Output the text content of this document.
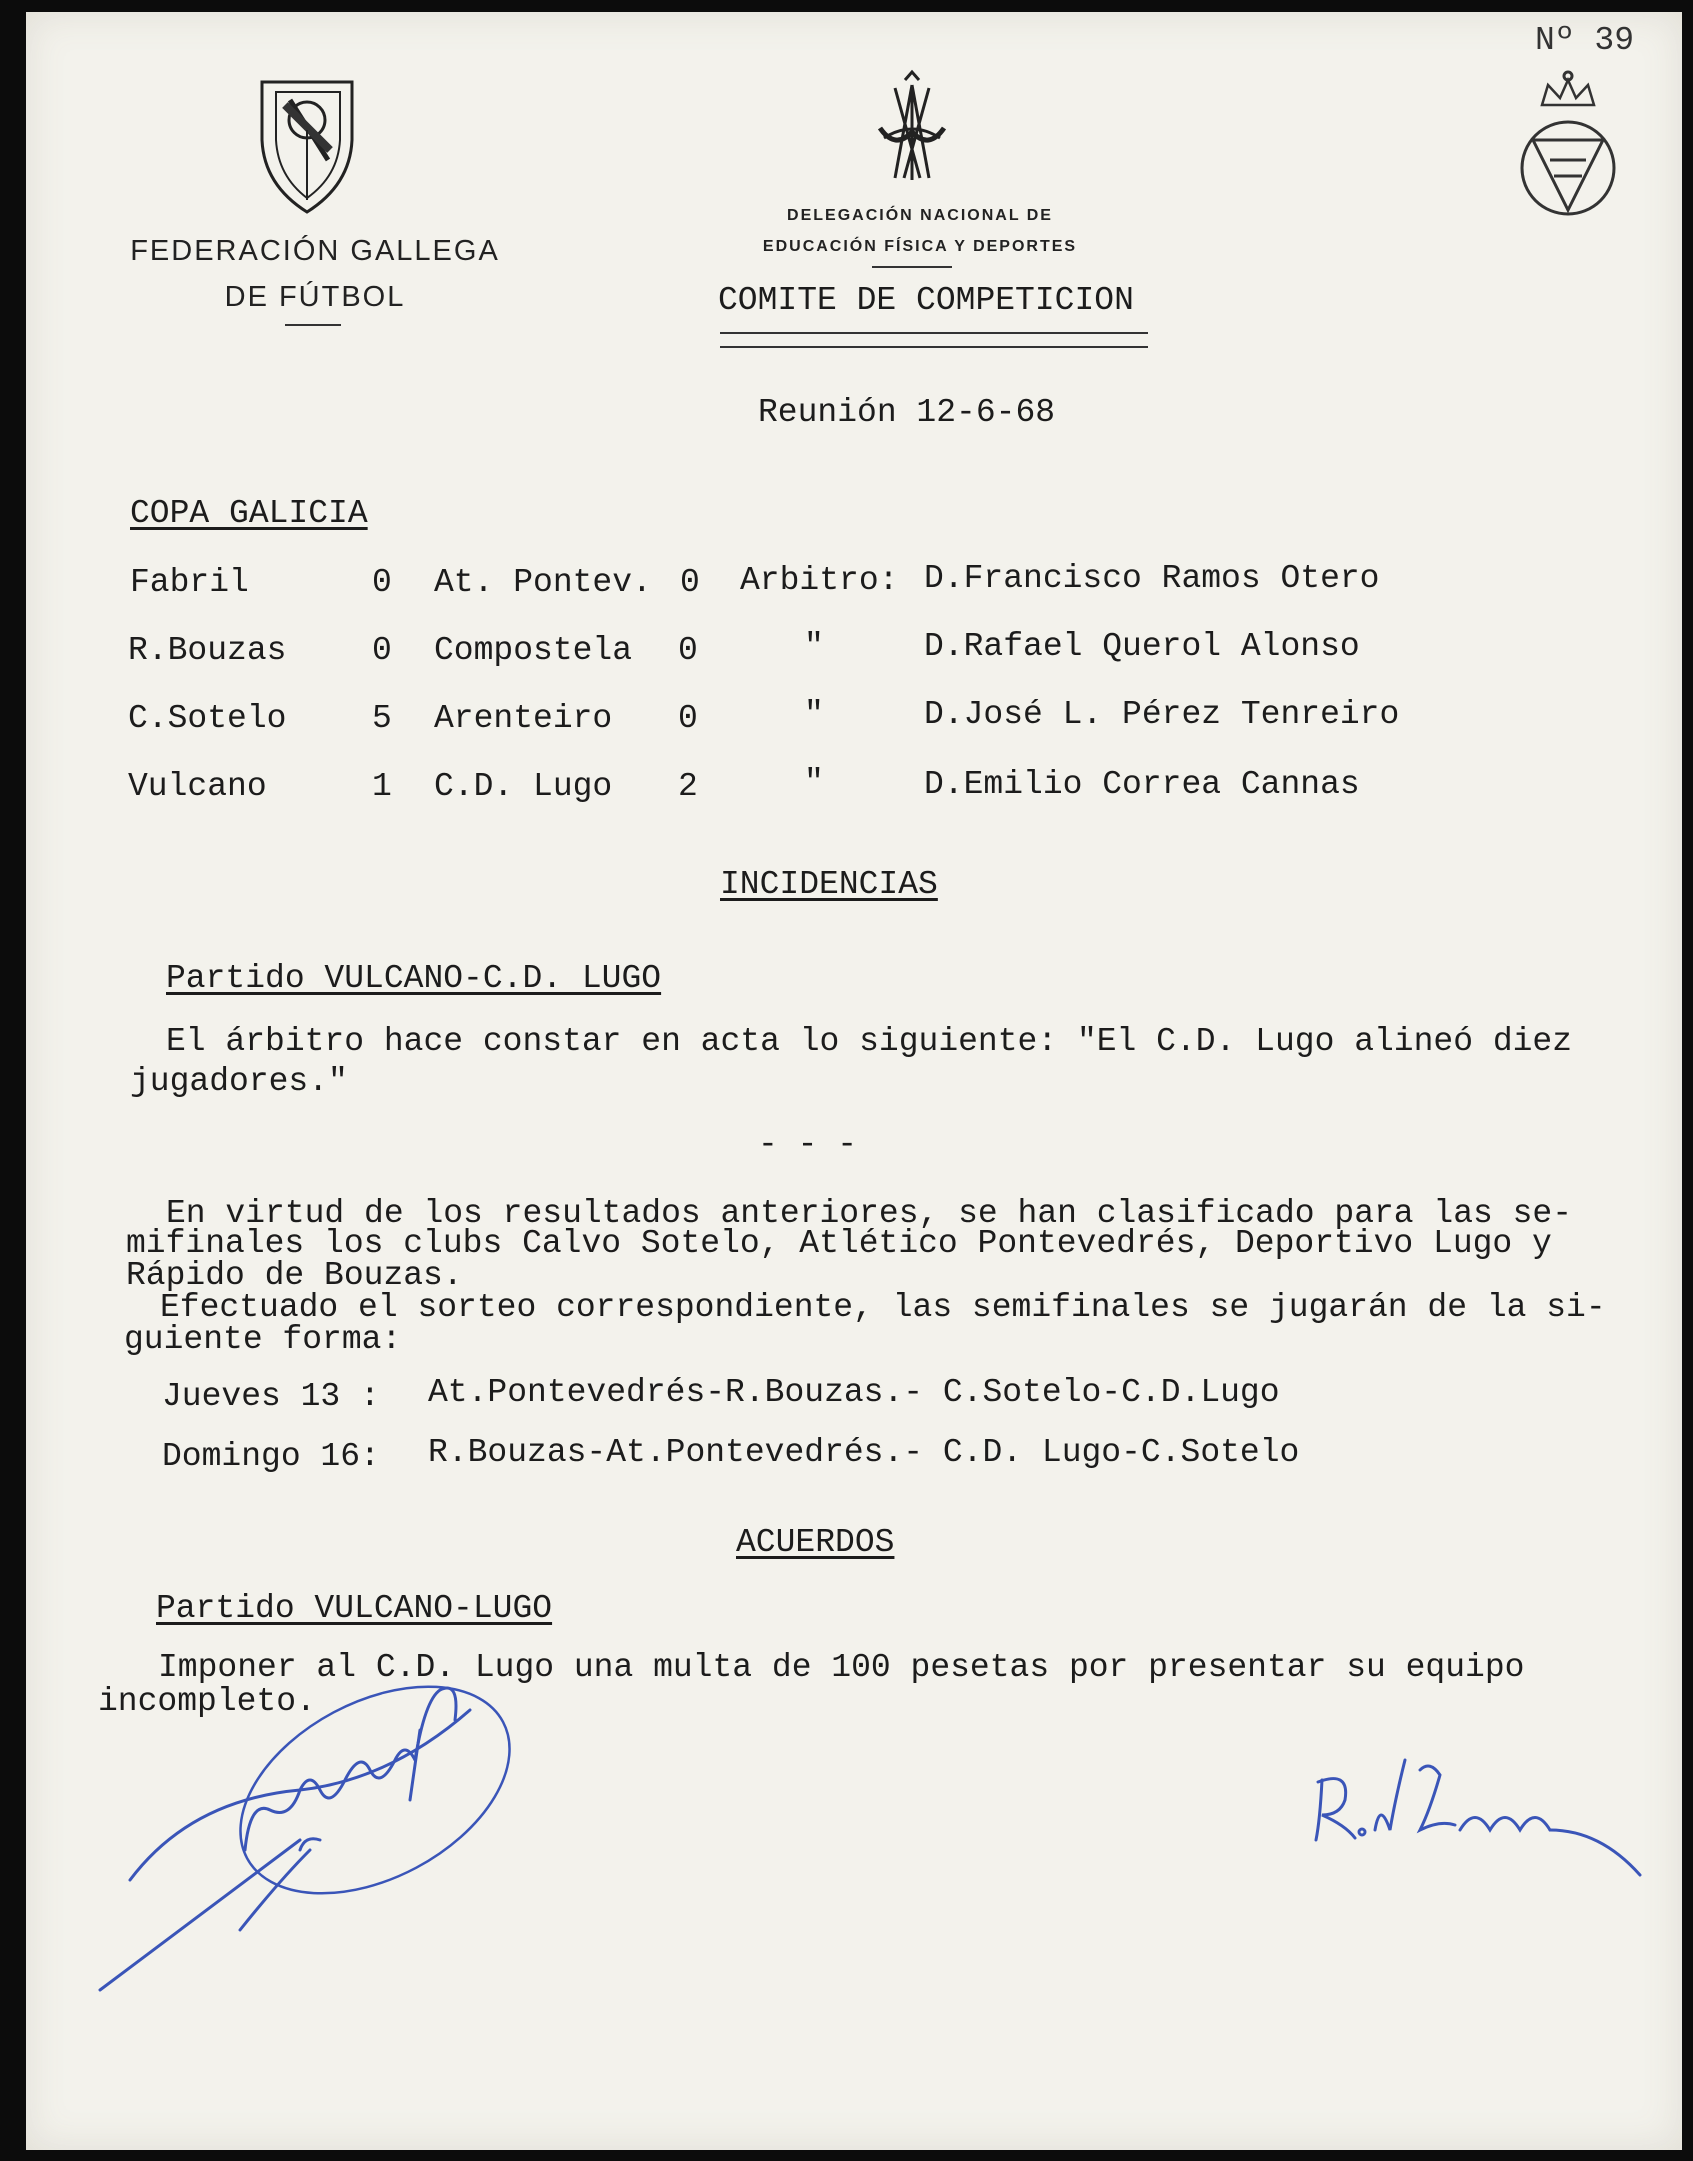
Nº 39
FEDERACIÓN GALLEGA
DE FÚTBOL
DELEGACIÓN NACIONAL DE
EDUCACIÓN FÍSICA Y DEPORTES
COMITE DE COMPETICION
Reunión 12-6-68
COPA GALICIA
Fabril	0 At. Pontev. 0 Arbitro: D.Francisco Ramos Otero
R.Bouzas	0 Compostela 0	"	D.Rafael Querol Alonso
C.Sotelo	5 Arenteiro 0	"	D.José L. Pérez Tenreiro
Vulcano	1 C.D. Lugo 2	"	D.Emilio Correa Cannas
INCIDENCIAS
Partido VULCANO-C.D. LUGO
El árbitro hace constar en acta lo siguiente: "El C.D. Lugo alineó diez
jugadores."
- - -
En virtud de los resultados anteriores, se han clasificado para las se-
mifinales los clubs Calvo Sotelo, Atlético Pontevedrés, Deportivo Lugo y
Rápido de Bouzas.
Efectuado el sorteo correspondiente, las semifinales se jugarán de la si-
guiente forma:
Jueves 13 : At.Pontevedrés-R.Bouzas.- C.Sotelo-C.D.Lugo
Domingo 16: R.Bouzas-At.Pontevedrés.- C.D. Lugo-C.Sotelo
ACUERDOS
Partido VULCANO-LUGO
Imponer al C.D. Lugo una multa de 100 pesetas por presentar su equipo
incompleto.
